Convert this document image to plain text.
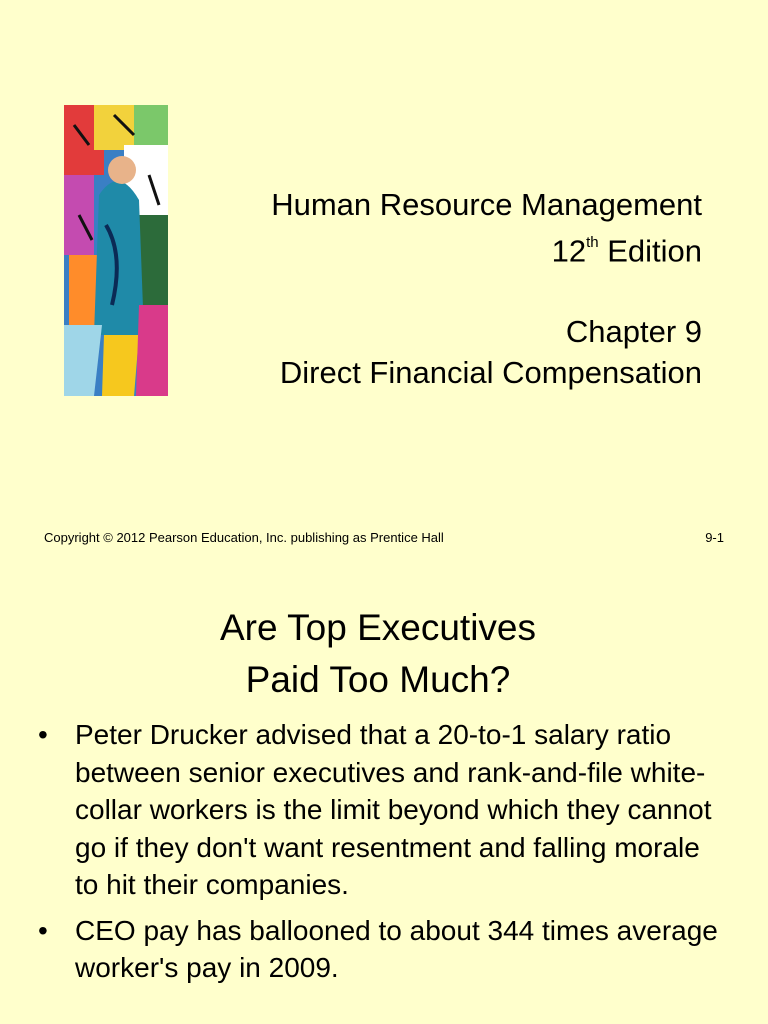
Human Resource Management
12th Edition
Chapter 9
Direct Financial Compensation
Copyright © 2012 Pearson Education, Inc. publishing as Prentice Hall	9-1
Are Top Executives
Paid Too Much?
• Peter Drucker advised that a 20-to-1 salary ratio between senior executives and rank-and-file white-collar workers is the limit beyond which they cannot go if they don't want resentment and falling morale to hit their companies.
• CEO pay has ballooned to about 344 times average worker's pay in 2009.
